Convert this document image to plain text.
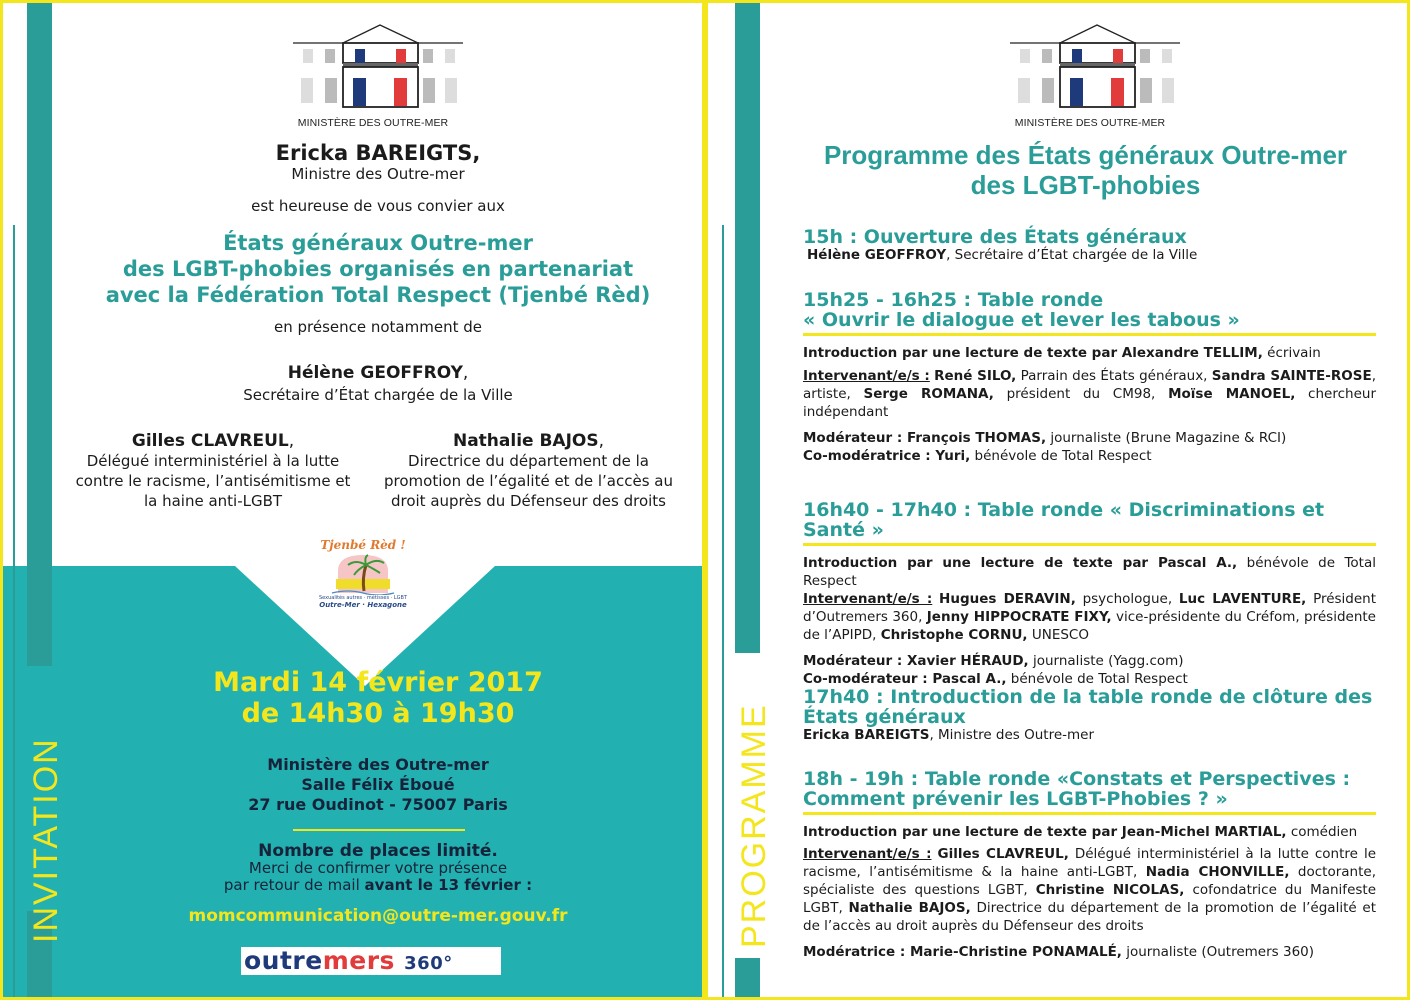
MINISTÈRE DES OUTRE-MER
Ericka BAREIGTS,
Ministre des Outre-mer
est heureuse de vous convier aux
États généraux Outre-mer
des LGBT-phobies organisés en partenariat
avec la Fédération Total Respect (Tjenbé Rèd)
en présence notamment de
Hélène GEOFFROY,
Secrétaire d’État chargée de la Ville
Gilles CLAVREUL,
Délégué interministériel à la lutte
contre le racisme, l’antisémitisme et
la haine anti-LGBT
Nathalie BAJOS,
Directrice du département de la
promotion de l’égalité et de l’accès au
droit auprès du Défenseur des droits
INVITATION
Tjenbé Rèd !
Sexualités autres · métisses · LGBT
Outre-Mer · Hexagone
Mardi 14 février 2017
de 14h30 à 19h30
Ministère des Outre-mer
Salle Félix Éboué
27 rue Oudinot - 75007 Paris
Nombre de places limité.
Merci de confirmer votre présence
par retour de mail avant le 13 février :
momcommunication@outre-mer.gouv.fr
outremers 360°
PROGRAMME
MINISTÈRE DES OUTRE-MER
Programme des États généraux Outre-mer
des LGBT-phobies
15h : Ouverture des États généraux
Hélène GEOFFROY, Secrétaire d’État chargée de la Ville
15h25 - 16h25 : Table ronde
« Ouvrir le dialogue et lever les tabous »
Introduction par une lecture de texte par Alexandre TELLIM, écrivain
Intervenant/e/s : René SILO, Parrain des États généraux, Sandra SAINTE-ROSE, artiste, Serge ROMANA, président du CM98, Moïse MANOEL, chercheur indépendant
Modérateur : François THOMAS, journaliste (Brune Magazine & RCI)
Co-modératrice : Yuri, bénévole de Total Respect
16h40 - 17h40 : Table ronde « Discriminations et Santé »
Introduction par une lecture de texte par Pascal A., bénévole de Total Respect
Intervenant/e/s : Hugues DERAVIN, psychologue, Luc LAVENTURE, Président d’Outremers 360, Jenny HIPPOCRATE FIXY, vice-présidente du Créfom, présidente de l’APIPD, Christophe CORNU, UNESCO
Modérateur : Xavier HÉRAUD, journaliste (Yagg.com)
Co-modérateur : Pascal A., bénévole de Total Respect
17h40 : Introduction de la table ronde de clôture des
États généraux
Ericka BAREIGTS, Ministre des Outre-mer
18h - 19h : Table ronde «Constats et Perspectives :
Comment prévenir les LGBT-Phobies ? »
Introduction par une lecture de texte par Jean-Michel MARTIAL, comédien
Intervenant/e/s : Gilles CLAVREUL, Délégué interministériel à la lutte contre le racisme, l’antisémitisme & la haine anti-LGBT, Nadia CHONVILLE, doctorante, spécialiste des questions LGBT, Christine NICOLAS, cofondatrice du Manifeste LGBT, Nathalie BAJOS, Directrice du département de la promotion de l’égalité et de l’accès au droit auprès du Défenseur des droits
Modératrice : Marie-Christine PONAMALÉ, journaliste (Outremers 360)
